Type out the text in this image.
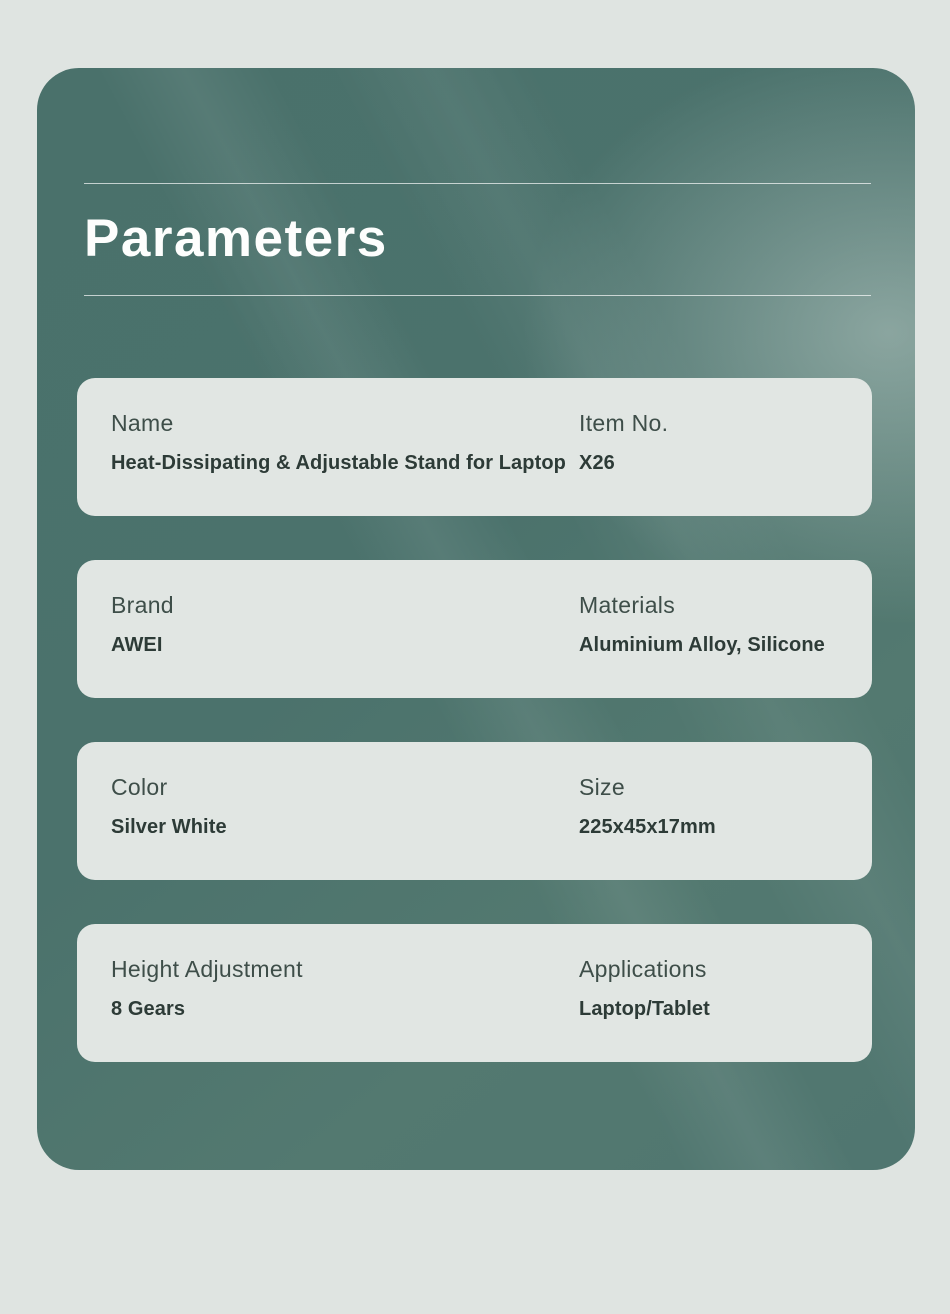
Parameters
Name
Heat-Dissipating & Adjustable Stand for Laptop
Item No.
X26
Brand
AWEI
Materials
Aluminium Alloy, Silicone
Color
Silver White
Size
225x45x17mm
Height Adjustment
8 Gears
Applications
Laptop/Tablet
